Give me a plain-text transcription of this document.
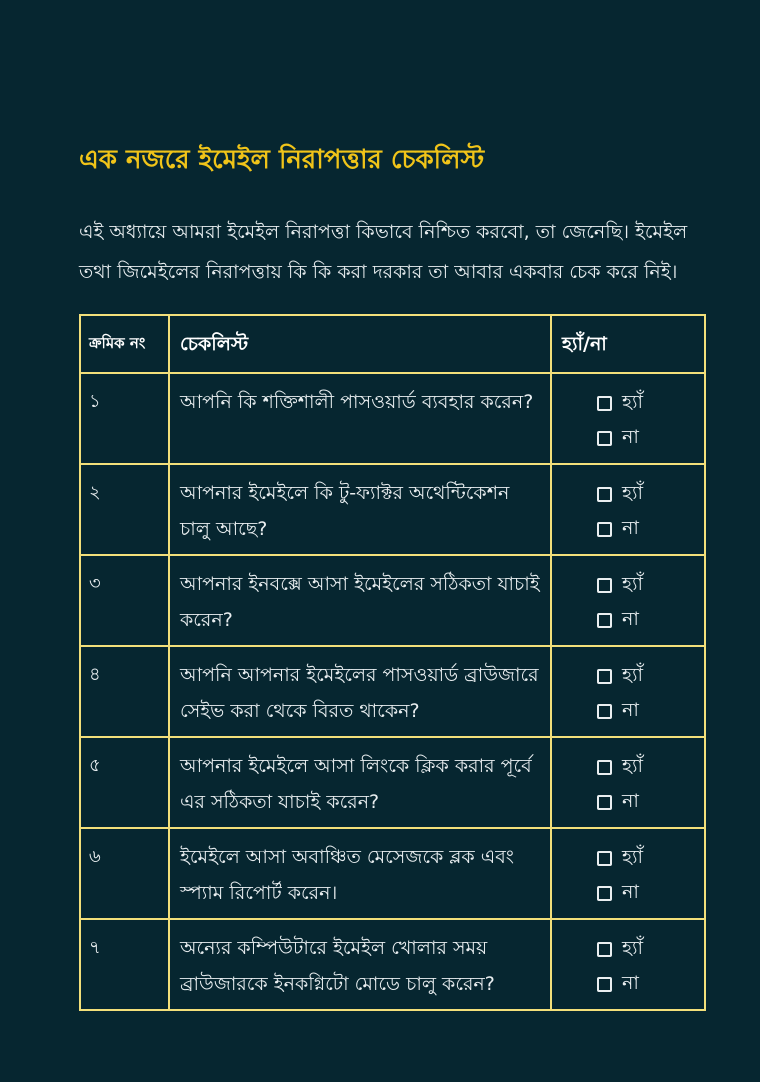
এক নজরে ইমেইল নিরাপত্তার চেকলিস্ট

এই অধ্যায়ে আমরা ইমেইল নিরাপত্তা কিভাবে নিশ্চিত করবো, তা জেনেছি। ইমেইল তথা জিমেইলের নিরাপত্তায় কি কি করা দরকার তা আবার একবার চেক করে নিই।

ক্রমিক নং	চেকলিস্ট	হ্যাঁ/না

১	আপনি কি শক্তিশালী পাসওয়ার্ড ব্যবহার করেন?	হ্যাঁ
না

২	আপনার ইমেইলে কি টু-ফ্যাক্টর অথেন্টিকেশন চালু আছে?	হ্যাঁ
না

৩	আপনার ইনবক্সে আসা ইমেইলের সঠিকতা যাচাই করেন?	হ্যাঁ
না

৪	আপনি আপনার ইমেইলের পাসওয়ার্ড ব্রাউজারে সেইভ করা থেকে বিরত থাকেন?	হ্যাঁ
না

৫	আপনার ইমেইলে আসা লিংকে ক্লিক করার পূর্বে এর সঠিকতা যাচাই করেন?	হ্যাঁ
না

৬	ইমেইলে আসা অবাঞ্চিত মেসেজকে ব্লক এবং স্প্যাম রিপোর্ট করেন।	হ্যাঁ
না

৭	অন্যের কম্পিউটারে ইমেইল খোলার সময় ব্রাউজারকে ইনকগ্নিটো মোডে চালু করেন?	হ্যাঁ
না
